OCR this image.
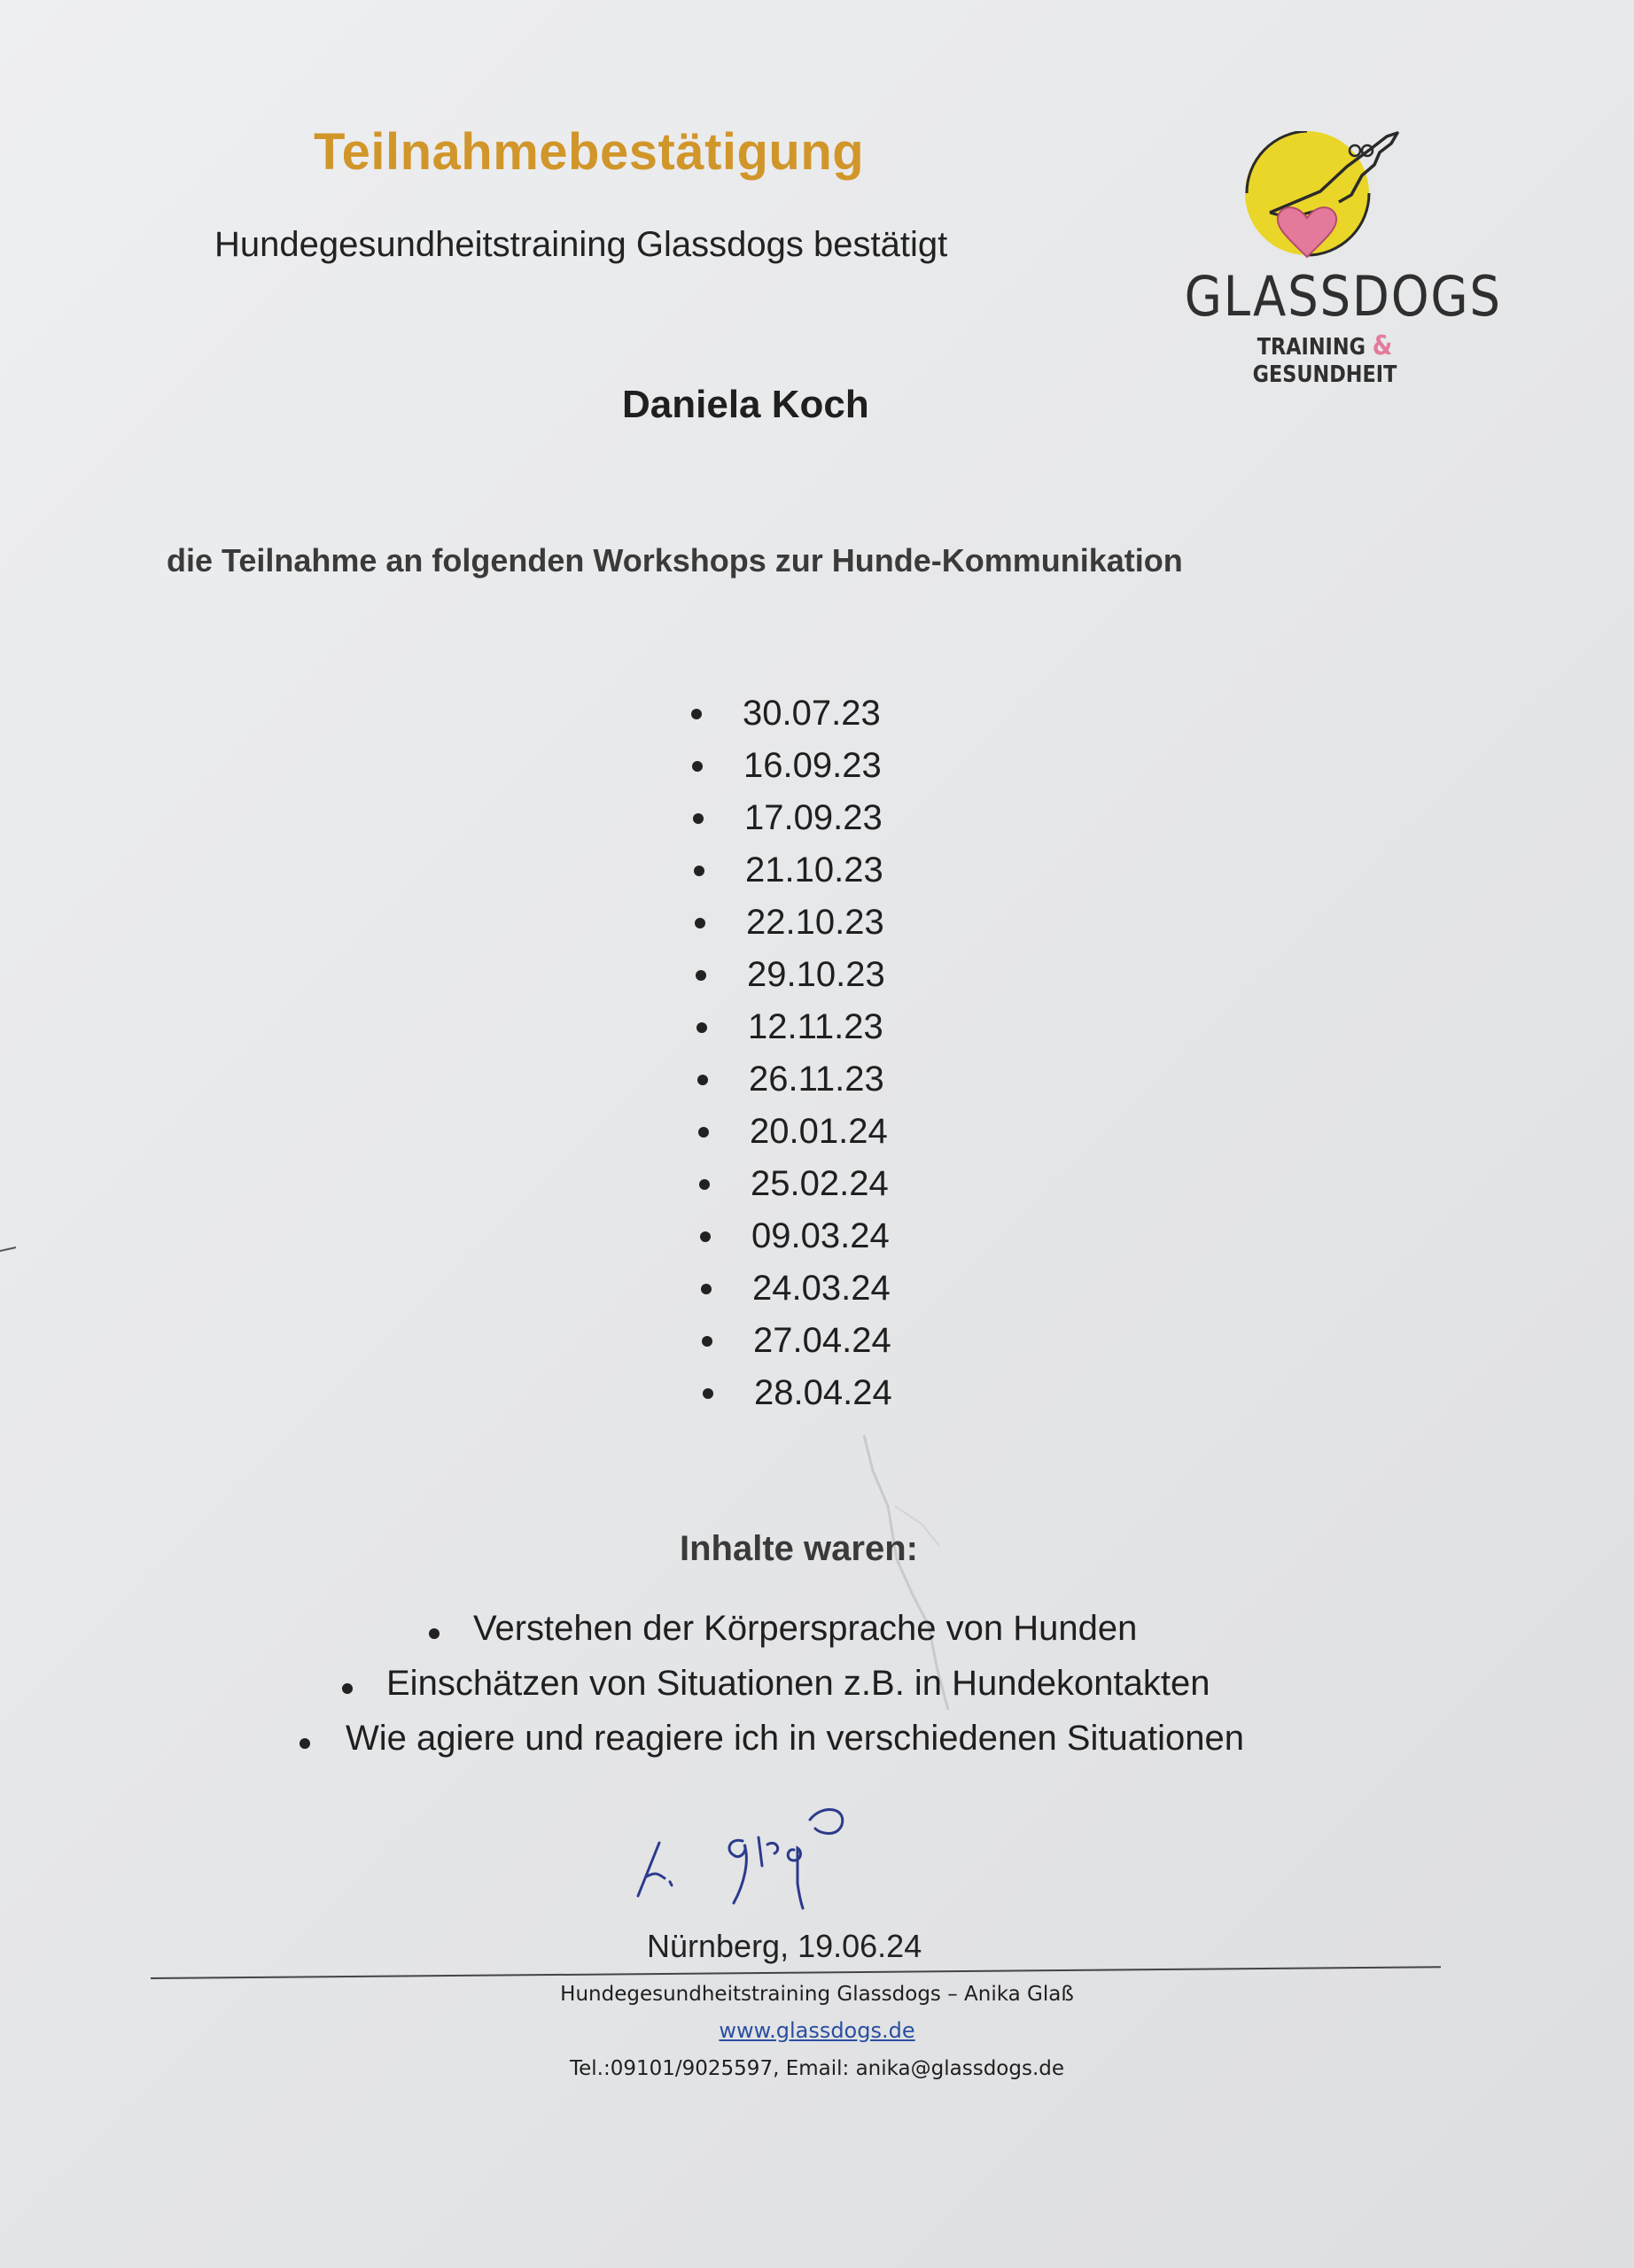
Teilnahmebestätigung
Hundegesundheitstraining Glassdogs bestätigt
GLASSDOGS
TRAINING & GESUNDHEIT
Daniela Koch
die Teilnahme an folgenden Workshops zur Hunde-Kommunikation
30.07.23
16.09.23
17.09.23
21.10.23
22.10.23
29.10.23
12.11.23
26.11.23
20.01.24
25.02.24
09.03.24
24.03.24
27.04.24
28.04.24
Inhalte waren:
Verstehen der Körpersprache von Hunden
Einschätzen von Situationen z.B. in Hundekontakten
Wie agiere und reagiere ich in verschiedenen Situationen
Nürnberg, 19.06.24
Hundegesundheitstraining Glassdogs – Anika Glaß
www.glassdogs.de
Tel.:09101/9025597, Email: anika@glassdogs.de
